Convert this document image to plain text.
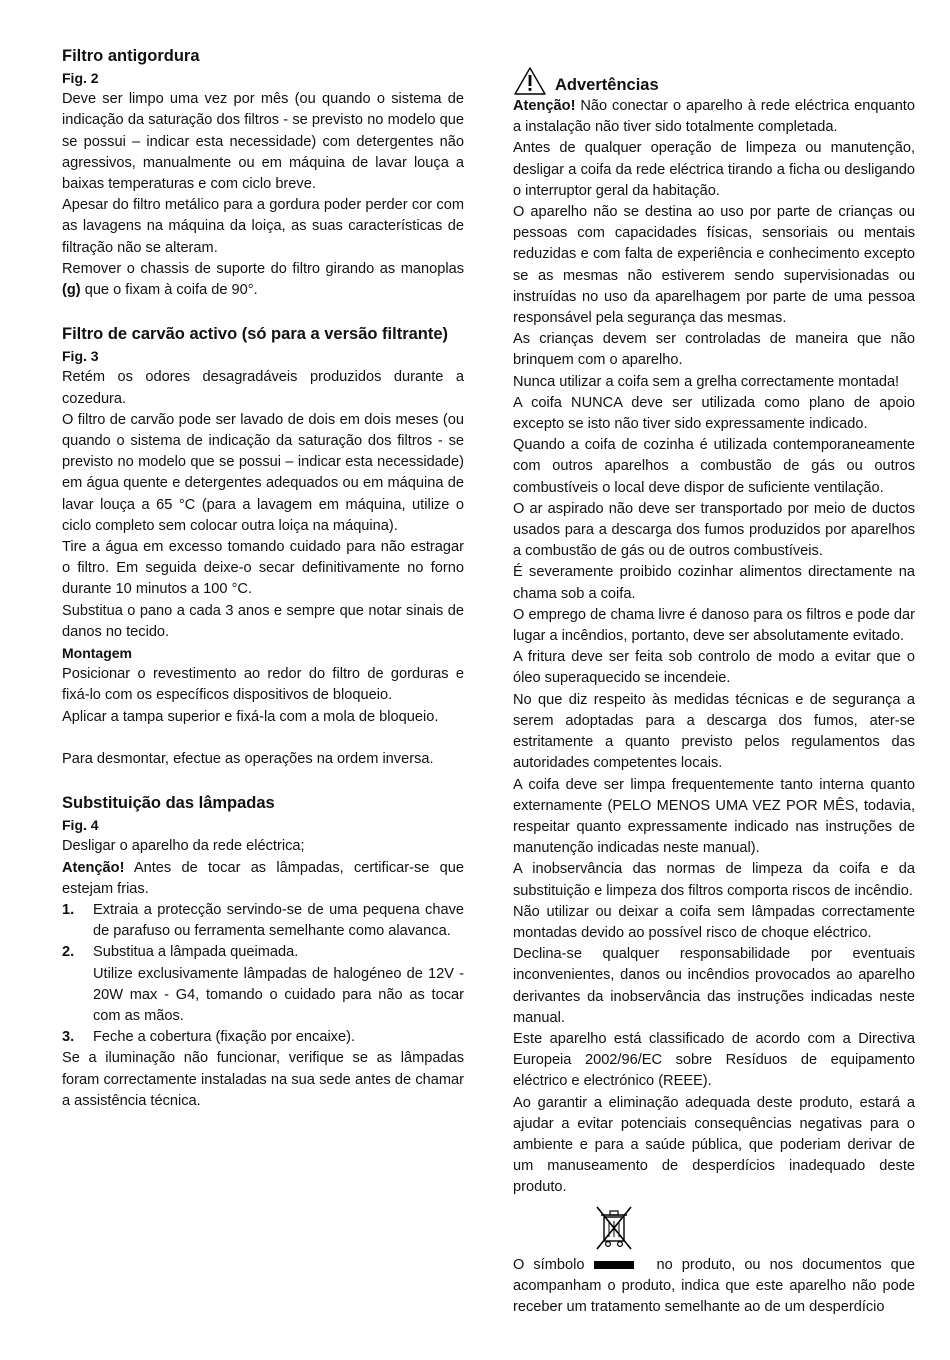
Filtro antigordura
Fig. 2

Deve ser limpo uma vez por mês (ou quando o sistema de indicação da saturação dos filtros - se previsto no modelo que se possui – indicar esta necessidade) com detergentes não agressivos, manualmente ou em máquina de lavar louça a baixas temperaturas e com ciclo breve.

Apesar do filtro metálico para a gordura poder perder cor com as lavagens na máquina da loiça, as suas características de filtração não se alteram.

Remover o chassis de suporte do filtro girando as manoplas (g) que o fixam à coifa de 90°.

Filtro de carvão activo (só para a versão filtrante)
Fig. 3

Retém os odores desagradáveis produzidos durante a cozedura.

O filtro de carvão pode ser lavado de dois em dois meses (ou quando o sistema de indicação da saturação dos filtros - se previsto no modelo que se possui – indicar esta necessidade) em água quente e detergentes adequados ou em máquina de lavar louça a 65 °C (para a lavagem em máquina, utilize o ciclo completo sem colocar outra loiça na máquina).

Tire a água em excesso tomando cuidado para não estragar o filtro. Em seguida deixe-o secar definitivamente no forno durante 10 minutos a 100 °C.

Substitua o pano a cada 3 anos e sempre que notar sinais de danos no tecido.

Montagem

Posicionar o revestimento ao redor do filtro de gorduras e fixá-lo com os específicos dispositivos de bloqueio.

Aplicar a tampa superior e fixá-la com a mola de bloqueio.

Para desmontar, efectue as operações na ordem inversa.

Substituição das lâmpadas
Fig. 4

Desligar o aparelho da rede eléctrica;

Atenção! Antes de tocar as lâmpadas, certificar-se que estejam frias.

1. Extraia a protecção servindo-se de uma pequena chave de parafuso ou ferramenta semelhante como alavanca.
2. Substitua a lâmpada queimada.
Utilize exclusivamente lâmpadas de halogéneo de 12V - 20W max - G4, tomando o cuidado para não as tocar com as mãos.
3. Feche a cobertura (fixação por encaixe).

Se a iluminação não funcionar, verifique se as lâmpadas foram correctamente instaladas na sua sede antes de chamar a assistência técnica.

Advertências

Atenção! Não conectar o aparelho à rede eléctrica enquanto a instalação não tiver sido totalmente completada.

Antes de qualquer operação de limpeza ou manutenção, desligar a coifa da rede eléctrica tirando a ficha ou desligando o interruptor geral da habitação.

O aparelho não se destina ao uso por parte de crianças ou pessoas com capacidades físicas, sensoriais ou mentais reduzidas e com falta de experiência e conhecimento excepto se as mesmas não estiverem sendo supervisionadas ou instruídas no uso da aparelhagem por parte de uma pessoa responsável pela segurança das mesmas.

As crianças devem ser controladas de maneira que não brinquem com o aparelho.

Nunca utilizar a coifa sem a grelha correctamente montada!

A coifa NUNCA deve ser utilizada como plano de apoio excepto se isto não tiver sido expressamente indicado.

Quando a coifa de cozinha é utilizada contemporaneamente com outros aparelhos a combustão de gás ou outros combustíveis o local deve dispor de suficiente ventilação.

O ar aspirado não deve ser transportado por meio de ductos usados para a descarga dos fumos produzidos por aparelhos a combustão de gás ou de outros combustíveis.

É severamente proibido cozinhar alimentos directamente na chama sob a coifa.

O emprego de chama livre é danoso para os filtros e pode dar lugar a incêndios, portanto, deve ser absolutamente evitado.

A fritura deve ser feita sob controlo de modo a evitar que o óleo superaquecido se incendeie.

No que diz respeito às medidas técnicas e de segurança a serem adoptadas para a descarga dos fumos, ater-se estritamente a quanto previsto pelos regulamentos das autoridades competentes locais.

A coifa deve ser limpa frequentemente tanto interna quanto externamente (PELO MENOS UMA VEZ POR MÊS, todavia, respeitar quanto expressamente indicado nas instruções de manutenção indicadas neste manual).

A inobservância das normas de limpeza da coifa e da substituição e limpeza dos filtros comporta riscos de incêndio.

Não utilizar ou deixar a coifa sem lâmpadas correctamente montadas devido ao possível risco de choque eléctrico.

Declina-se qualquer responsabilidade por eventuais inconvenientes, danos ou incêndios provocados ao aparelho derivantes da inobservância das instruções indicadas neste manual.

Este aparelho está classificado de acordo com a Directiva Europeia 2002/96/EC sobre Resíduos de equipamento eléctrico e electrónico (REEE).

Ao garantir a eliminação adequada deste produto, estará a ajudar a evitar potenciais consequências negativas para o ambiente e para a saúde pública, que poderiam derivar de um manuseamento de desperdícios inadequado deste produto.

O símbolo	no produto, ou nos documentos que acompanham o produto, indica que este aparelho não pode receber um tratamento semelhante ao de um desperdício
